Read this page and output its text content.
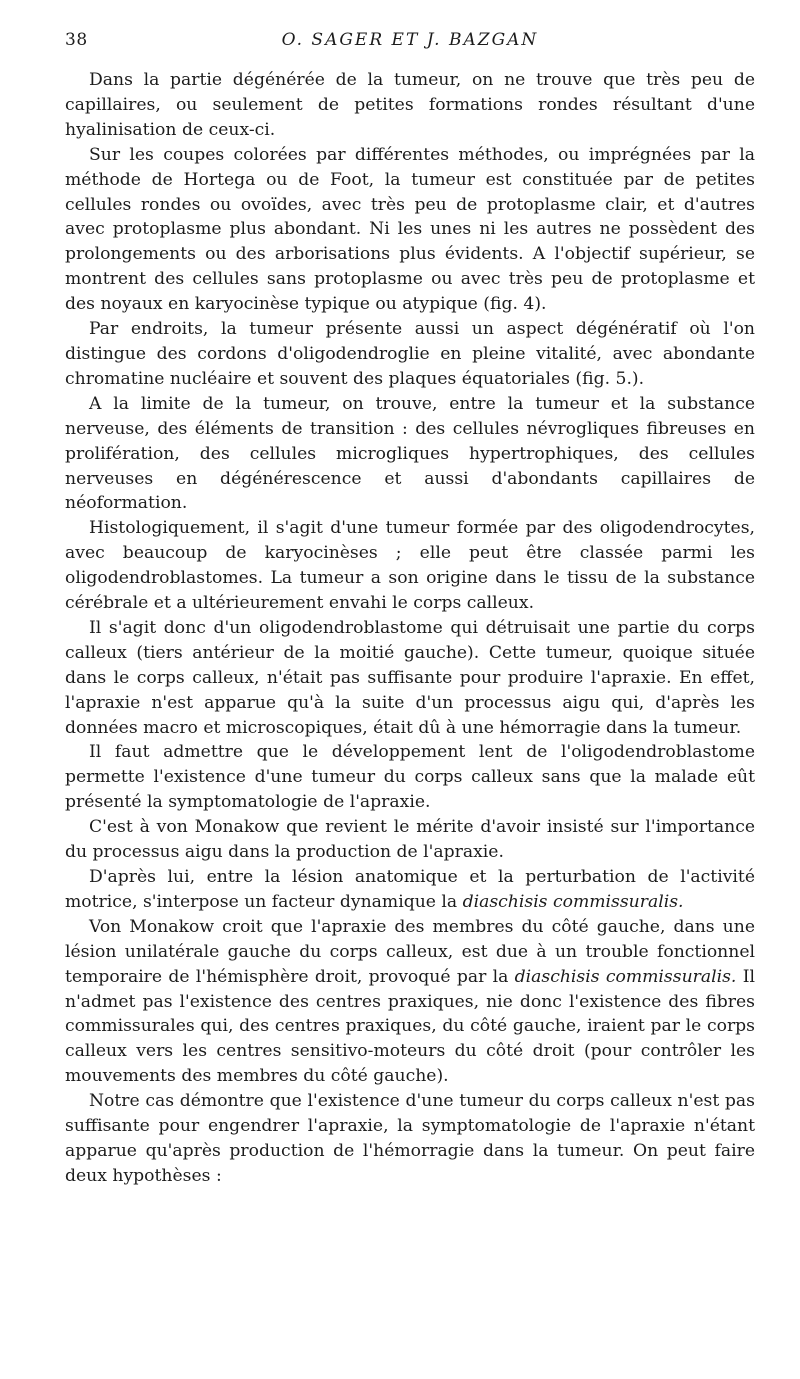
38	O. SAGER ET J. BAZGAN

Dans la partie dégénérée de la tumeur, on ne trouve que très peu de capillaires, ou seulement de petites formations rondes résultant d'une hyalinisation de ceux-ci.

Sur les coupes colorées par différentes méthodes, ou imprégnées par la méthode de Hortega ou de Foot, la tumeur est constituée par de petites cellules rondes ou ovoïdes, avec très peu de protoplasme clair, et d'autres avec protoplasme plus abondant. Ni les unes ni les autres ne possèdent des prolongements ou des arborisations plus évidents. A l'objectif supérieur, se montrent des cellules sans protoplasme ou avec très peu de protoplasme et des noyaux en karyocinèse typique ou atypique (fig. 4).

Par endroits, la tumeur présente aussi un aspect dégénératif où l'on distingue des cordons d'oligodendroglie en pleine vitalité, avec abondante chromatine nucléaire et souvent des plaques équatoriales (fig. 5.).

A la limite de la tumeur, on trouve, entre la tumeur et la substance nerveuse, des éléments de transition : des cellules névrogliques fibreuses en prolifération, des cellules microgliques hypertrophiques, des cellules nerveuses en dégénérescence et aussi d'abondants capillaires de néoformation.

Histologiquement, il s'agit d'une tumeur formée par des oligodendrocytes, avec beaucoup de karyocinèses ; elle peut être classée parmi les oligodendroblastomes. La tumeur a son origine dans le tissu de la substance cérébrale et a ultérieurement envahi le corps calleux.

Il s'agit donc d'un oligodendroblastome qui détruisait une partie du corps calleux (tiers antérieur de la moitié gauche). Cette tumeur, quoique située dans le corps calleux, n'était pas suffisante pour produire l'apraxie. En effet, l'apraxie n'est apparue qu'à la suite d'un processus aigu qui, d'après les données macro et microscopiques, était dû à une hémorragie dans la tumeur.

Il faut admettre que le développement lent de l'oligodendroblastome permette l'existence d'une tumeur du corps calleux sans que la malade eût présenté la symptomatologie de l'apraxie.

C'est à von Monakow que revient le mérite d'avoir insisté sur l'importance du processus aigu dans la production de l'apraxie.

D'après lui, entre la lésion anatomique et la perturbation de l'activité motrice, s'interpose un facteur dynamique la diaschisis commissuralis.

Von Monakow croit que l'apraxie des membres du côté gauche, dans une lésion unilatérale gauche du corps calleux, est due à un trouble fonctionnel temporaire de l'hémisphère droit, provoqué par la diaschisis commissuralis. Il n'admet pas l'existence des centres praxiques, nie donc l'existence des fibres commissurales qui, des centres praxiques, du côté gauche, iraient par le corps calleux vers les centres sensitivo-moteurs du côté droit (pour contrôler les mouvements des membres du côté gauche).

Notre cas démontre que l'existence d'une tumeur du corps calleux n'est pas suffisante pour engendrer l'apraxie, la symptomatologie de l'apraxie n'étant apparue qu'après production de l'hémorragie dans la tumeur. On peut faire deux hypothèses :
